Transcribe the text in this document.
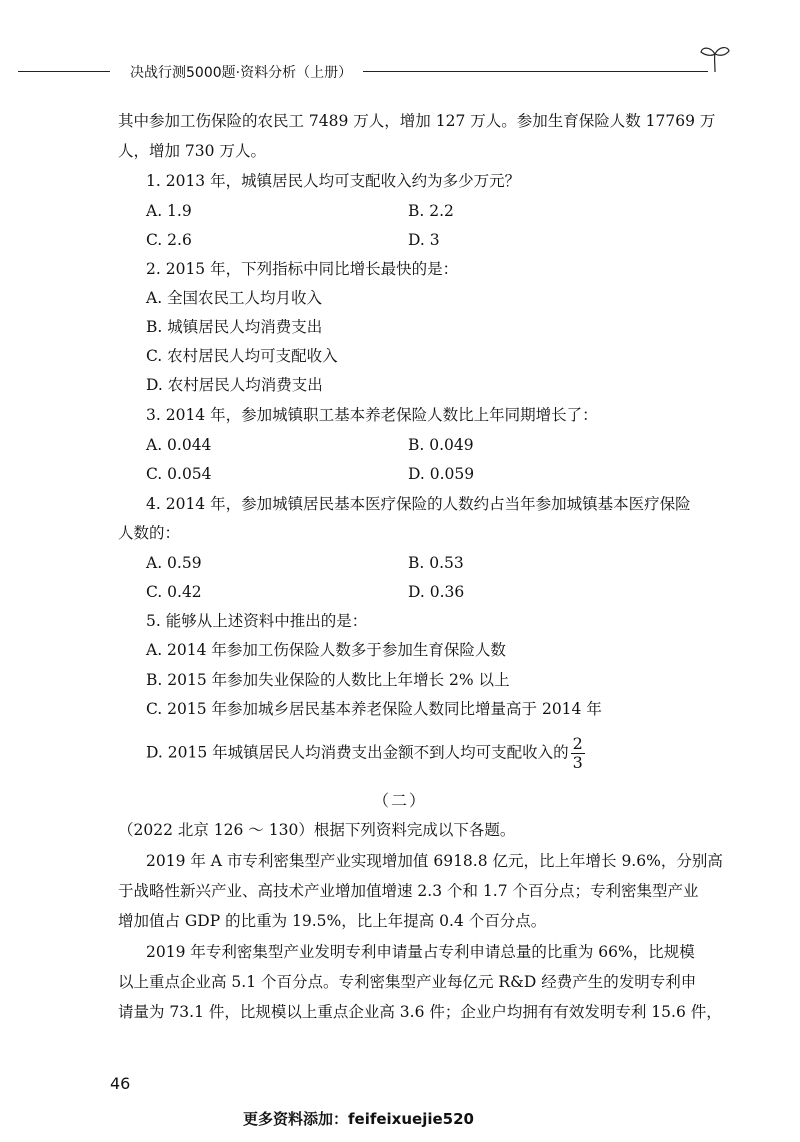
决战行测5000题·资料分析（上册）
其中参加工伤保险的农民工 7489 万人，增加 127 万人。参加生育保险人数 17769 万
人，增加 730 万人。
1. 2013 年，城镇居民人均可支配收入约为多少万元？
A. 1.9	B. 2.2
C. 2.6	D. 3
2. 2015 年，下列指标中同比增长最快的是：
A. 全国农民工人均月收入
B. 城镇居民人均消费支出
C. 农村居民人均可支配收入
D. 农村居民人均消费支出
3. 2014 年，参加城镇职工基本养老保险人数比上年同期增长了：
A. 0.044	B. 0.049
C. 0.054	D. 0.059
4. 2014 年，参加城镇居民基本医疗保险的人数约占当年参加城镇基本医疗保险
人数的：
A. 0.59	B. 0.53
C. 0.42	D. 0.36
5. 能够从上述资料中推出的是：
A. 2014 年参加工伤保险人数多于参加生育保险人数
B. 2015 年参加失业保险的人数比上年增长 2% 以上
C. 2015 年参加城乡居民基本养老保险人数同比增量高于 2014 年
D. 2015 年城镇居民人均消费支出金额不到人均可支配收入的 $\frac{2}{3}$
（二）
（2022 北京 126 ～ 130）根据下列资料完成以下各题。
2019 年 A 市专利密集型产业实现增加值 6918.8 亿元，比上年增长 9.6%，分别高
于战略性新兴产业、高技术产业增加值增速 2.3 个和 1.7 个百分点；专利密集型产业
增加值占 GDP 的比重为 19.5%，比上年提高 0.4 个百分点。
2019 年专利密集型产业发明专利申请量占专利申请总量的比重为 66%，比规模
以上重点企业高 5.1 个百分点。专利密集型产业每亿元 R&D 经费产生的发明专利申
请量为 73.1 件，比规模以上重点企业高 3.6 件；企业户均拥有有效发明专利 15.6 件，
46
更多资料添加：feifeixuejie520
